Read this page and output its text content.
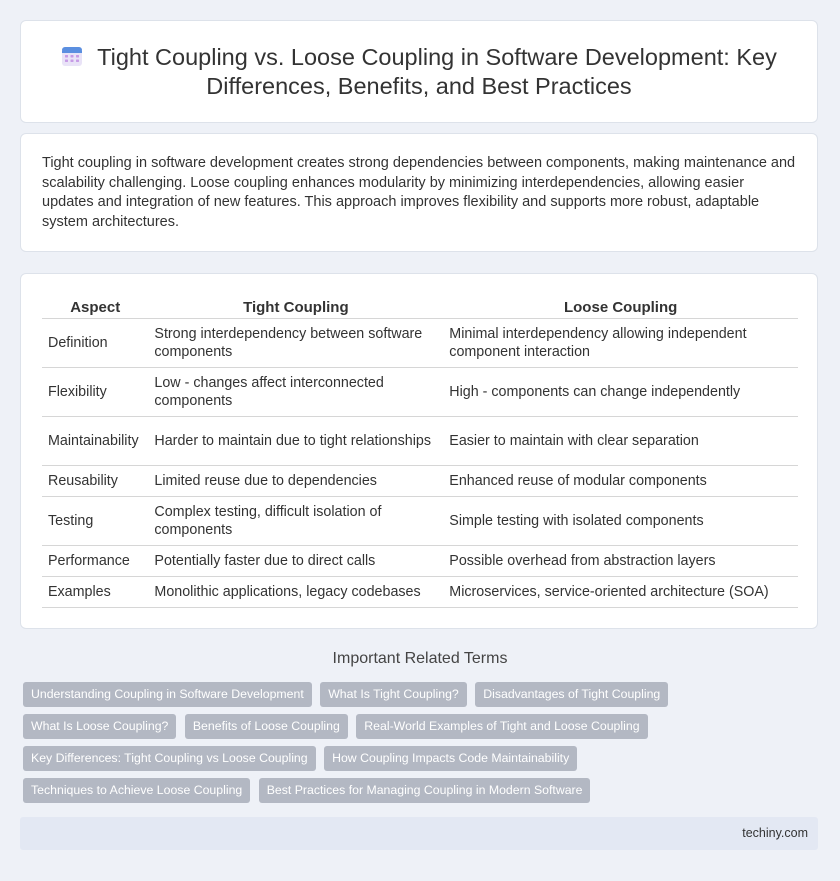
Tight Coupling vs. Loose Coupling in Software Development: Key Differences, Benefits, and Best Practices

Tight coupling in software development creates strong dependencies between components, making maintenance and scalability challenging. Loose coupling enhances modularity by minimizing interdependencies, allowing easier updates and integration of new features. This approach improves flexibility and supports more robust, adaptable system architectures.

Aspect	Tight Coupling	Loose Coupling
Definition	Strong interdependency between software components	Minimal interdependency allowing independent component interaction
Flexibility	Low - changes affect interconnected components	High - components can change independently
Maintainability	Harder to maintain due to tight relationships	Easier to maintain with clear separation
Reusability	Limited reuse due to dependencies	Enhanced reuse of modular components
Testing	Complex testing, difficult isolation of components	Simple testing with isolated components
Performance	Potentially faster due to direct calls	Possible overhead from abstraction layers
Examples	Monolithic applications, legacy codebases	Microservices, service-oriented architecture (SOA)
Important Related Terms
Understanding Coupling in Software Development What Is Tight Coupling? Disadvantages of Tight Coupling What Is Loose Coupling? Benefits of Loose Coupling Real-World Examples of Tight and Loose Coupling Key Differences: Tight Coupling vs Loose Coupling How Coupling Impacts Code Maintainability Techniques to Achieve Loose Coupling Best Practices for Managing Coupling in Modern Software
techiny.com
